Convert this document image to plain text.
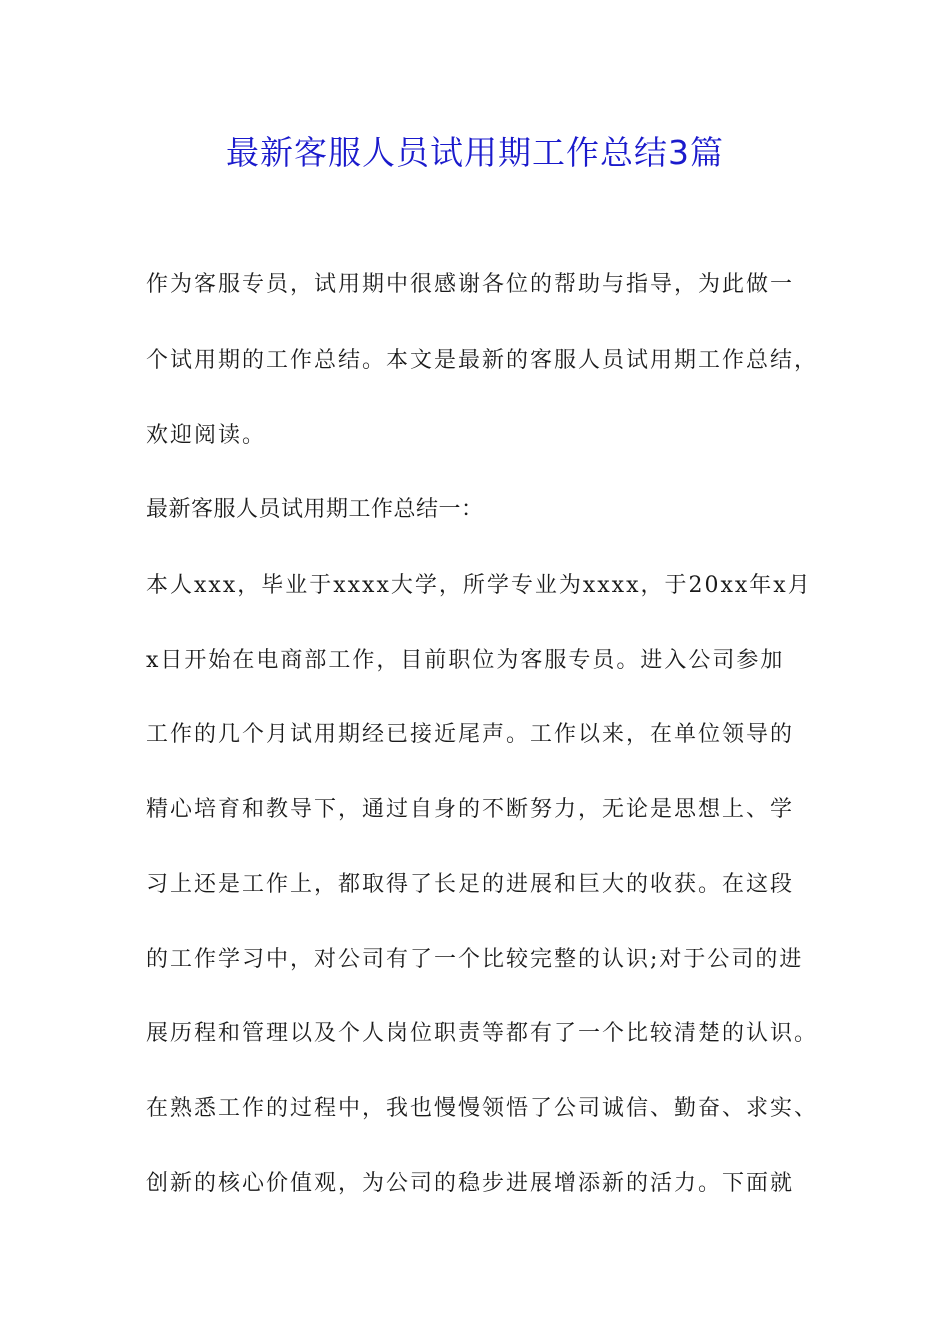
最新客服人员试用期工作总结3篇
作为客服专员，试用期中很感谢各位的帮助与指导，为此做一
个试用期的工作总结。本文是最新的客服人员试用期工作总结，
欢迎阅读。
最新客服人员试用期工作总结一：
本人xxx，毕业于xxxx大学，所学专业为xxxx，于20xx年x月
x日开始在电商部工作，目前职位为客服专员。进入公司参加
工作的几个月试用期经已接近尾声。工作以来，在单位领导的
精心培育和教导下，通过自身的不断努力，无论是思想上、学
习上还是工作上，都取得了长足的进展和巨大的收获。在这段
的工作学习中，对公司有了一个比较完整的认识;对于公司的进
展历程和管理以及个人岗位职责等都有了一个比较清楚的认识。
在熟悉工作的过程中，我也慢慢领悟了公司诚信、勤奋、求实、
创新的核心价值观，为公司的稳步进展增添新的活力。下面就
